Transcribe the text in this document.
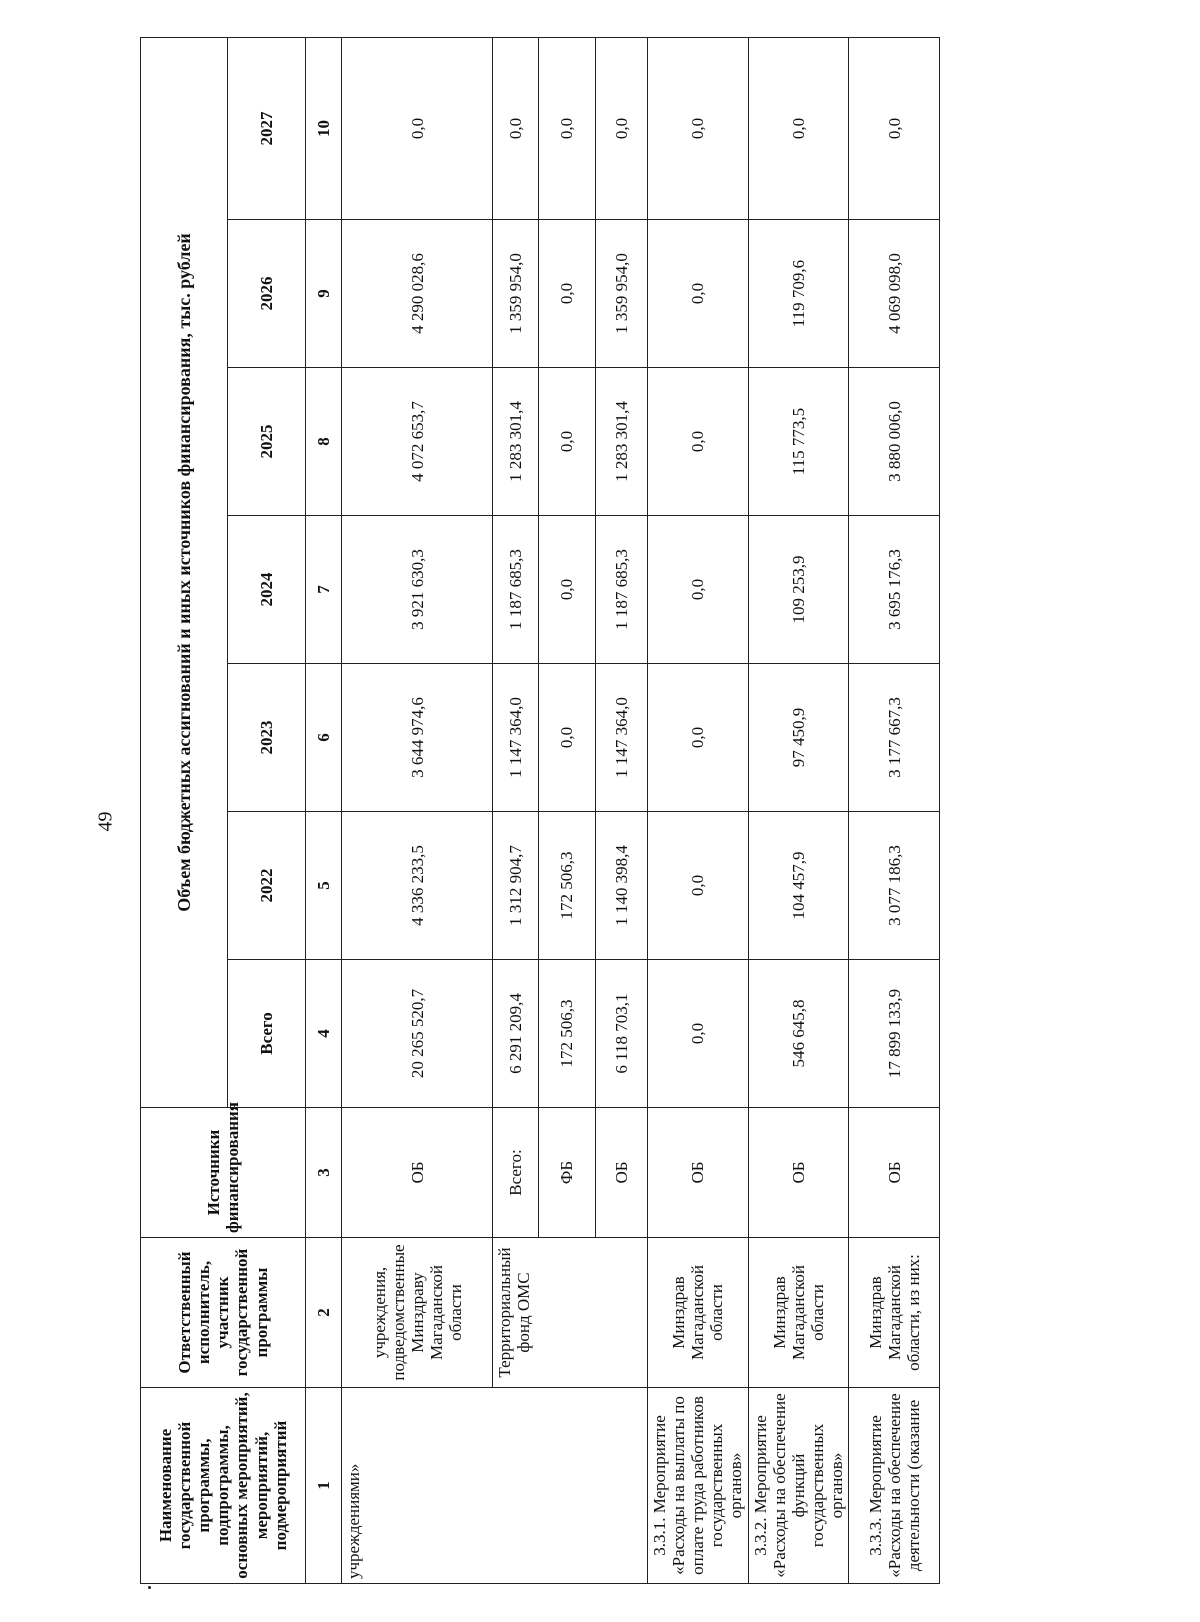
49
Наименование государственной программы, подпрограммы, основных мероприятий, мероприятий, подмероприятий	Ответственный исполнитель, участник государственной программы	Источники финансирования	Объем бюджетных ассигнований и иных источников финансирования, тыс. рублей						
			Всего	2022	2023	2024	2025	2026	2027
1	2	3	4	5	6	7	8	9	10
учреждениями»	учреждения, подведомственные Минздраву Магаданской области	ОБ	20 265 520,7	4 336 233,5	3 644 974,6	3 921 630,3	4 072 653,7	4 290 028,6	0,0
	Территориальный фонд ОМС	Всего:	6 291 209,4	1 312 904,7	1 147 364,0	1 187 685,3	1 283 301,4	1 359 954,0	0,0
		ФБ	172 506,3	172 506,3	0,0	0,0	0,0	0,0	0,0
		ОБ	6 118 703,1	1 140 398,4	1 147 364,0	1 187 685,3	1 283 301,4	1 359 954,0	0,0
3.3.1. Мероприятие «Расходы на выплаты по оплате труда работников государственных органов»	Минздрав Магаданской области	ОБ	0,0	0,0	0,0	0,0	0,0	0,0	0,0
3.3.2. Мероприятие «Расходы на обеспечение функций государственных органов»	Минздрав Магаданской области	ОБ	546 645,8	104 457,9	97 450,9	109 253,9	115 773,5	119 709,6	0,0
3.3.3. Мероприятие «Расходы на обеспечение деятельности (оказание	Минздрав Магаданской области, из них:	ОБ	17 899 133,9	3 077 186,3	3 177 667,3	3 695 176,3	3 880 006,0	4 069 098,0	0,0
